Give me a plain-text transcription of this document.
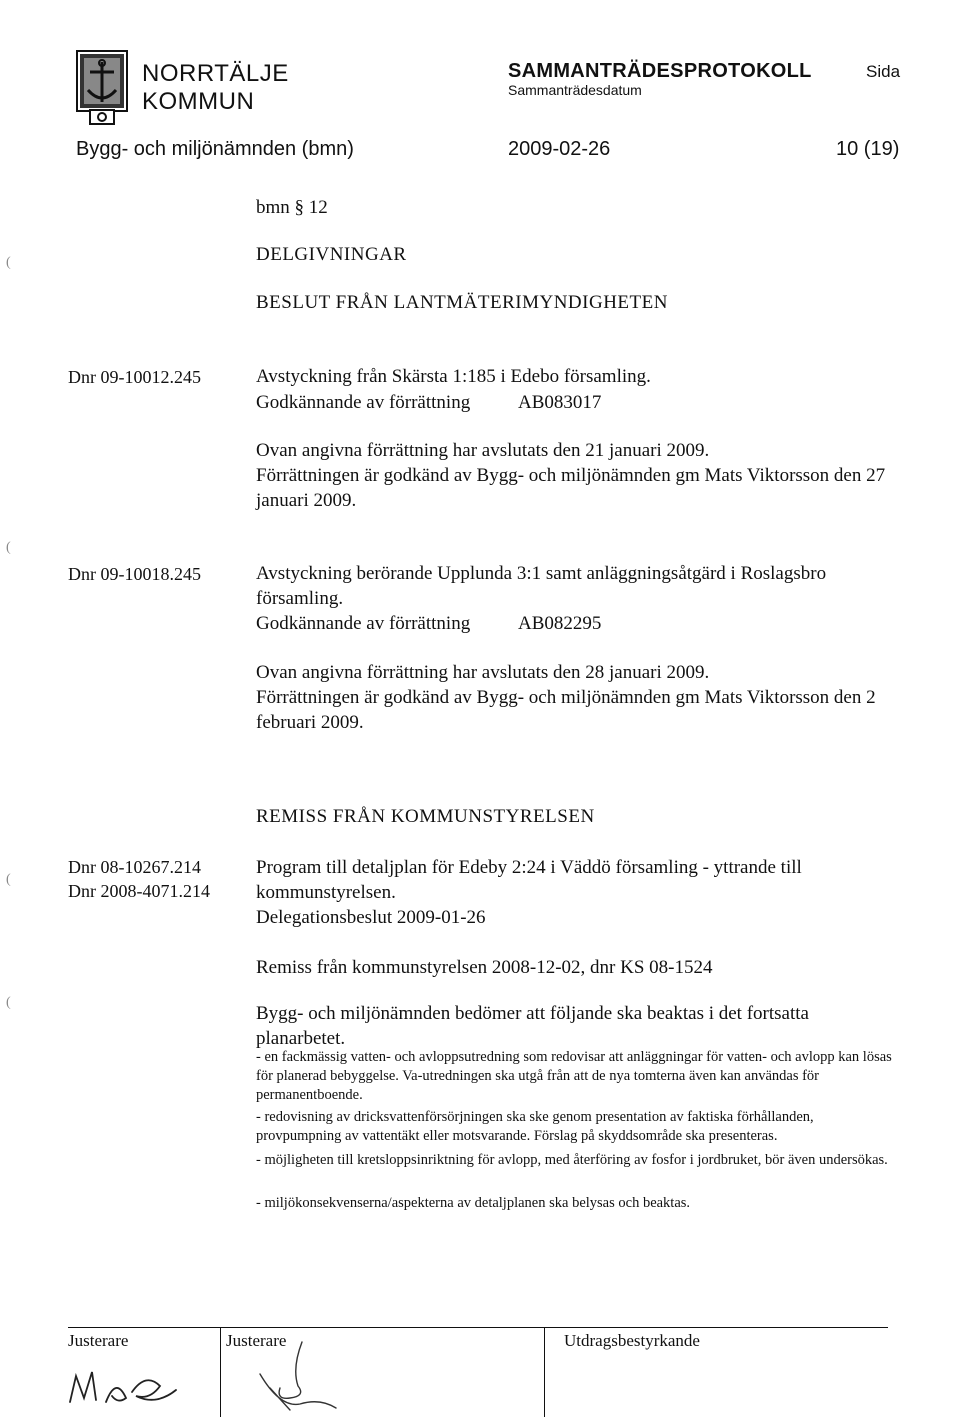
NORRTÄLJE
KOMMUN
SAMMANTRÄDESPROTOKOLL
Sammanträdesdatum
Sida
Bygg- och miljönämnden (bmn)	2009-02-26	10 (19)
bmn § 12
DELGIVNINGAR
BESLUT FRÅN LANTMÄTERIMYNDIGHETEN
Dnr 09-10012.245	Avstyckning från Skärsta 1:185 i Edebo församling.
Godkännande av förrättning	AB083017
Ovan angivna förrättning har avslutats den 21 januari 2009.
Förrättningen är godkänd av Bygg- och miljönämnden gm Mats Viktorsson den 27 januari 2009.
Dnr 09-10018.245	Avstyckning berörande Upplunda 3:1 samt anläggningsåtgärd i Roslagsbro församling.
Godkännande av förrättning	AB082295
Ovan angivna förrättning har avslutats den 28 januari 2009.
Förrättningen är godkänd av Bygg- och miljönämnden gm Mats Viktorsson den 2 februari 2009.
REMISS FRÅN KOMMUNSTYRELSEN
Dnr 08-10267.214
Dnr 2008-4071.214
Program till detaljplan för Edeby 2:24 i Väddö församling - yttrande till kommunstyrelsen.
Delegationsbeslut 2009-01-26
Remiss från kommunstyrelsen 2008-12-02, dnr KS 08-1524
Bygg- och miljönämnden bedömer att följande ska beaktas i det fortsatta planarbetet.
- en fackmässig vatten- och avloppsutredning som redovisar att anläggningar för vatten- och avlopp kan lösas för planerad bebyggelse. Va-utredningen ska utgå från att de nya tomterna även kan användas för permanentboende.
- redovisning av dricksvattenförsörjningen ska ske genom presentation av faktiska förhållanden, provpumpning av vattentäkt eller motsvarande. Förslag på skyddsområde ska presenteras.
- möjligheten till kretsloppsinriktning för avlopp, med återföring av fosfor i jordbruket, bör även undersökas.
- miljökonsekvenserna/aspekterna av detaljplanen ska belysas och beaktas.
(
(
(
(
Justerare	Justerare	Utdragsbestyrkande
